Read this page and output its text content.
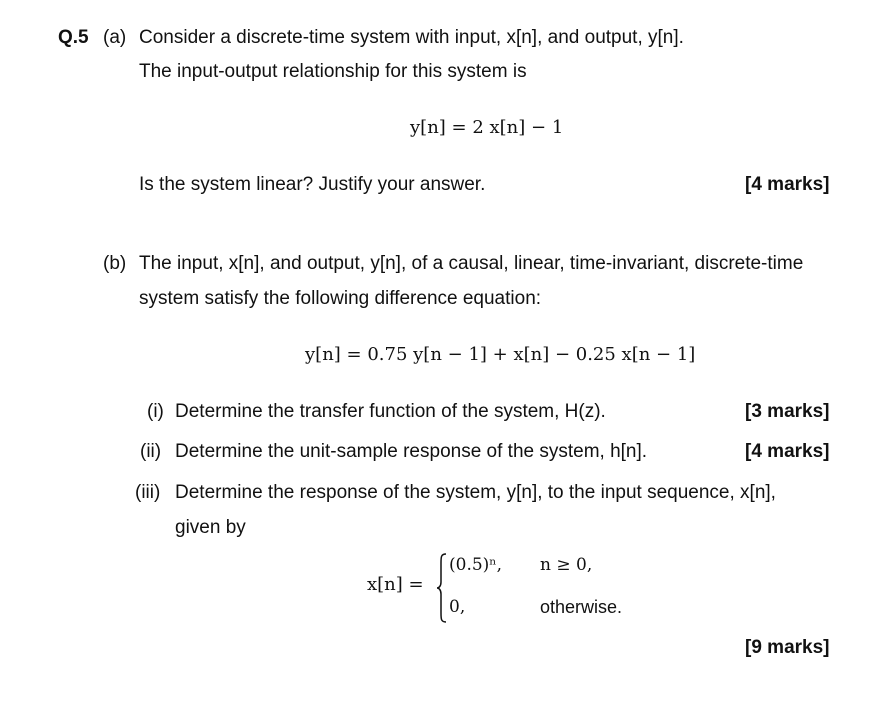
Q.5 (a) Consider a discrete-time system with input, x[n], and output, y[n].
The input-output relationship for this system is
y[n] = 2 x[n] − 1
Is the system linear? Justify your answer.	[4 marks]
(b) The input, x[n], and output, y[n], of a causal, linear, time-invariant, discrete-time
system satisfy the following difference equation:
y[n] = 0.75 y[n − 1] + x[n] − 0.25 x[n − 1]
(i) Determine the transfer function of the system, H(z).	[3 marks]
(ii) Determine the unit-sample response of the system, h[n].	[4 marks]
(iii) Determine the response of the system, y[n], to the input sequence, x[n],
given by
x[n] =
(0.5)ⁿ, n ≥ 0,
0,	otherwise.
[9 marks]
